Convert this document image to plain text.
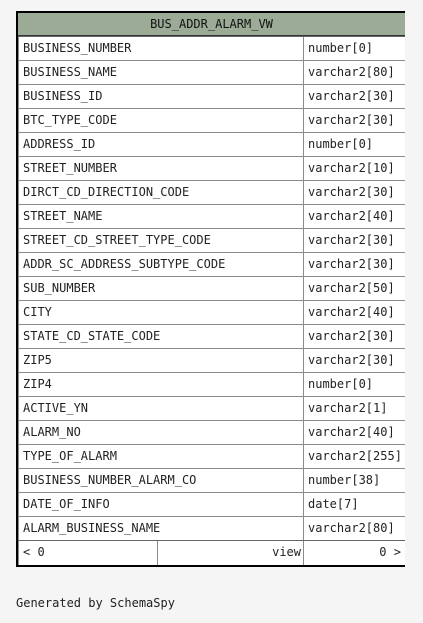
BUS_ADDR_ALARM_VW
BUSINESS_NUMBER	number[0]
BUSINESS_NAME	varchar2[80]
BUSINESS_ID	varchar2[30]
BTC_TYPE_CODE	varchar2[30]
ADDRESS_ID	number[0]
STREET_NUMBER	varchar2[10]
DIRCT_CD_DIRECTION_CODE	varchar2[30]
STREET_NAME	varchar2[40]
STREET_CD_STREET_TYPE_CODE	varchar2[30]
ADDR_SC_ADDRESS_SUBTYPE_CODE	varchar2[30]
SUB_NUMBER	varchar2[50]
CITY	varchar2[40]
STATE_CD_STATE_CODE	varchar2[30]
ZIP5	varchar2[30]
ZIP4	number[0]
ACTIVE_YN	varchar2[1]
ALARM_NO	varchar2[40]
TYPE_OF_ALARM	varchar2[255]
BUSINESS_NUMBER_ALARM_CO	number[38]
DATE_OF_INFO	date[7]
ALARM_BUSINESS_NAME	varchar2[80]
< 0	view	0 >
Generated by SchemaSpy
